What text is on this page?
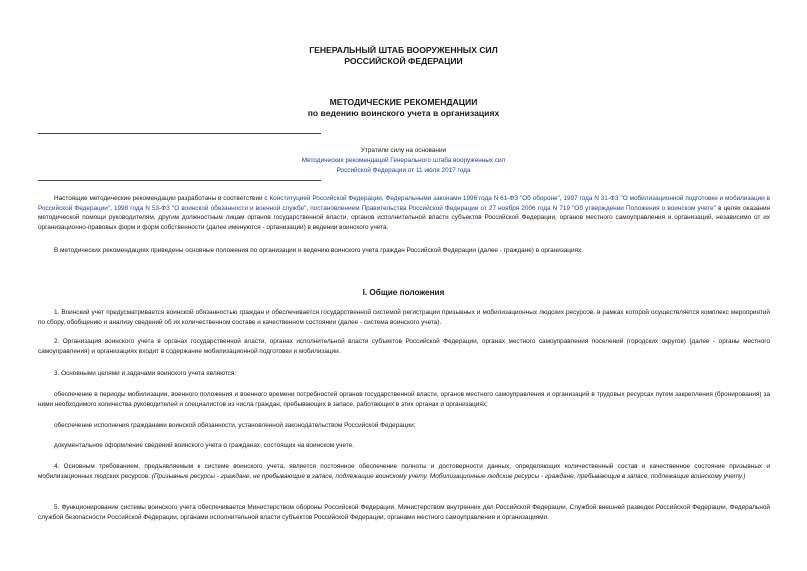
ГЕНЕРАЛЬНЫЙ ШТАБ ВООРУЖЕННЫХ СИЛ
РОССИЙСКОЙ ФЕДЕРАЦИИ
МЕТОДИЧЕСКИЕ РЕКОМЕНДАЦИИ
по ведению воинского учета в организациях
Утратили силу на основании
Методических рекомендаций Генерального штаба вооруженных сил
Российской Федерации от 11 июля 2017 года
Настоящие методические рекомендации разработаны в соответствии с Конституцией Российской Федерации, Федеральными законами 1996 года N 61-ФЗ "Об обороне", 1997 года N 31-ФЗ "О мобилизационной подготовке и мобилизации в Российской Федерации", 1998 года N 53-ФЗ "О воинской обязанности и военной службе", постановлением Правительства Российской Федерации от 27 ноября 2006 года N 719 "Об утверждении Положения о воинском учете" в целях оказания методической помощи руководителям, другим должностным лицам органов государственной власти, органов исполнительной власти субъектов Российской Федерации, органов местного самоуправления и организаций, независимо от их организационно-правовых форм и форм собственности (далее именуются - организации) в ведении воинского учета.
В методических рекомендациях приведены основные положения по организации и ведению воинского учета граждан Российской Федерации (далее - граждане) в организациях.
I. Общие положения
1. Воинский учет предусматривается воинской обязанностью граждан и обеспечивается государственной системой регистрации призывных и мобилизационных людских ресурсов, в рамках которой осуществляется комплекс мероприятий по сбору, обобщению и анализу сведений об их количественном составе и качественном состоянии (далее - система воинского учета).
2. Организация воинского учета в органах государственной власти, органах исполнительной власти субъектов Российской Федерации, органах местного самоуправления поселений (городских округов) (далее - органы местного самоуправления) и организациях входит в содержание мобилизационной подготовки и мобилизации.
3. Основными целями и задачами воинского учета являются:
обеспечение в периоды мобилизации, военного положения и военного времени потребностей органов государственной власти, органов местного самоуправления и организаций в трудовых ресурсах путем закрепления (бронирования) за ними необходимого количества руководителей и специалистов из числа граждан, пребывающих в запасе, работающих в этих органах и организациях;
обеспечение исполнения гражданами воинской обязанности, установленной законодательством Российской Федерации;
документальное оформление сведений воинского учета о гражданах, состоящих на воинском учете.
4. Основным требованием, предъявляемым к системе воинского учета, является постоянное обеспечение полноты и достоверности данных, определяющих количественный состав и качественное состояние призывных и мобилизационных людских ресурсов. (Призывные ресурсы - граждане, не пребывающие в запасе, подлежащие воинскому учету. Мобилизационные людские ресурсы - граждане, пребывающие в запасе, подлежащие воинскому учету.)
5. Функционирование системы воинского учета обеспечивается Министерством обороны Российской Федерации, Министерством внутренних дел Российской Федерации, Службой внешней разведки Российской Федерации, Федеральной службой безопасности Российской Федерации, органами исполнительной власти субъектов Российской Федерации, органами местного самоуправления и организациями.
